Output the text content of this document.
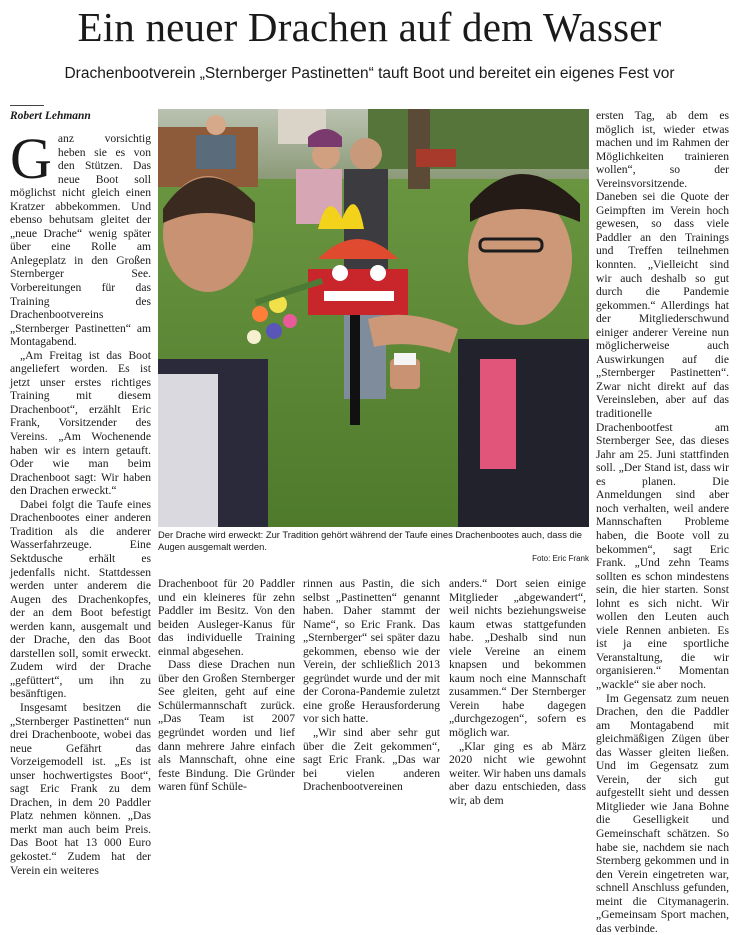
Ein neuer Drachen auf dem Wasser

Drachenbootverein „Sternberger Pastinetten“ tauft Boot und bereitet ein eigenes Fest vor

Robert Lehmann

Ganz vorsichtig heben sie es von den Stützen. Das neue Boot soll möglichst nicht gleich einen Kratzer abbekommen. Und ebenso behutsam gleitet der „neue Drache“ wenig später über eine Rolle am Anlegeplatz in den Großen Sternberger See. Vorbereitungen für das Training des Drachenbootvereins „Sternberger Pastinetten“ am Montagabend.

„Am Freitag ist das Boot angeliefert worden. Es ist jetzt unser erstes richtiges Training mit diesem Drachenboot“, erzählt Eric Frank, Vorsitzender des Vereins. „Am Wochenende haben wir es intern getauft. Oder wie man beim Drachenboot sagt: Wir haben den Drachen erweckt.“

Dabei folgt die Taufe eines Drachenbootes einer anderen Tradition als die anderer Wasserfahrzeuge. Eine Sektdusche erhält es jedenfalls nicht. Stattdessen werden unter anderem die Augen des Drachenkopfes, der an dem Boot befestigt werden kann, ausgemalt und der Drache, den das Boot darstellen soll, somit erweckt. Zudem wird der Drache „gefüttert“, um ihn zu besänftigen.

Insgesamt besitzen die „Sternberger Pastinetten“ nun drei Drachenboote, wobei das neue Gefährt das Vorzeigemodell ist. „Es ist unser hochwertigstes Boot“, sagt Eric Frank zu dem Drachen, in dem 20 Paddler Platz nehmen können. „Das merkt man auch beim Preis. Das Boot hat 13 000 Euro gekostet.“ Zudem hat der Verein ein weiteres

Der Drache wird erweckt: Zur Tradition gehört während der Taufe eines Drachenbootes auch, dass die Augen ausgemalt werden.
Foto: Eric Frank

Drachenboot für 20 Paddler und ein kleineres für zehn Paddler im Besitz. Von den beiden Ausleger-Kanus für das individuelle Training einmal abgesehen.

Dass diese Drachen nun über den Großen Sternberger See gleiten, geht auf eine Schülermannschaft zurück. „Das Team ist 2007 gegründet worden und lief dann mehrere Jahre einfach als Mannschaft, ohne eine feste Bindung. Die Gründer waren fünf Schüle-

rinnen aus Pastin, die sich selbst „Pastinetten“ genannt haben. Daher stammt der Name“, so Eric Frank. Das „Sternberger“ sei später dazu gekommen, ebenso wie der Verein, der schließlich 2013 gegründet wurde und der mit der Corona-Pandemie zuletzt eine große Herausforderung vor sich hatte.

„Wir sind aber sehr gut über die Zeit gekommen“, sagt Eric Frank. „Das war bei vielen anderen Drachenbootvereinen

anders.“ Dort seien einige Mitglieder „abgewandert“, weil nichts beziehungsweise kaum etwas stattgefunden habe. „Deshalb sind nun viele Vereine an einem knapsen und bekommen kaum noch eine Mannschaft zusammen.“ Der Sternberger Verein habe dagegen „durchgezogen“, sofern es möglich war.

„Klar ging es ab März 2020 nicht wie gewohnt weiter. Wir haben uns damals aber dazu entschieden, dass wir, ab dem

ersten Tag, ab dem es möglich ist, wieder etwas machen und im Rahmen der Möglichkeiten trainieren wollen“, so der Vereinsvorsitzende. Daneben sei die Quote der Geimpften im Verein hoch gewesen, so dass viele Paddler an den Trainings und Treffen teilnehmen konnten. „Vielleicht sind wir auch deshalb so gut durch die Pandemie gekommen.“ Allerdings hat der Mitgliederschwund einiger anderer Vereine nun möglicherweise auch Auswirkungen auf die „Sternberger Pastinetten“. Zwar nicht direkt auf das Vereinsleben, aber auf das traditionelle Drachenbootfest am Sternberger See, das dieses Jahr am 25. Juni stattfinden soll. „Der Stand ist, dass wir es planen. Die Anmeldungen sind aber noch verhalten, weil andere Mannschaften Probleme haben, die Boote voll zu bekommen“, sagt Eric Frank. „Und zehn Teams sollten es schon mindestens sein, die hier starten. Sonst lohnt es sich nicht. Wir wollen den Leuten auch viele Rennen anbieten. Es ist ja eine sportliche Veranstaltung, die wir organisieren.“ Momentan „wackle“ sie aber noch.

Im Gegensatz zum neuen Drachen, den die Paddler am Montagabend mit gleichmäßigen Zügen über das Wasser gleiten ließen. Und im Gegensatz zum Verein, der sich gut aufgestellt sieht und dessen Mitglieder wie Jana Bohne die Geselligkeit und Gemeinschaft schätzen. So habe sie, nachdem sie nach Sternberg gekommen und in den Verein eingetreten war, schnell Anschluss gefunden, meint die Citymanagerin. „Gemeinsam Sport machen, das verbinde.
